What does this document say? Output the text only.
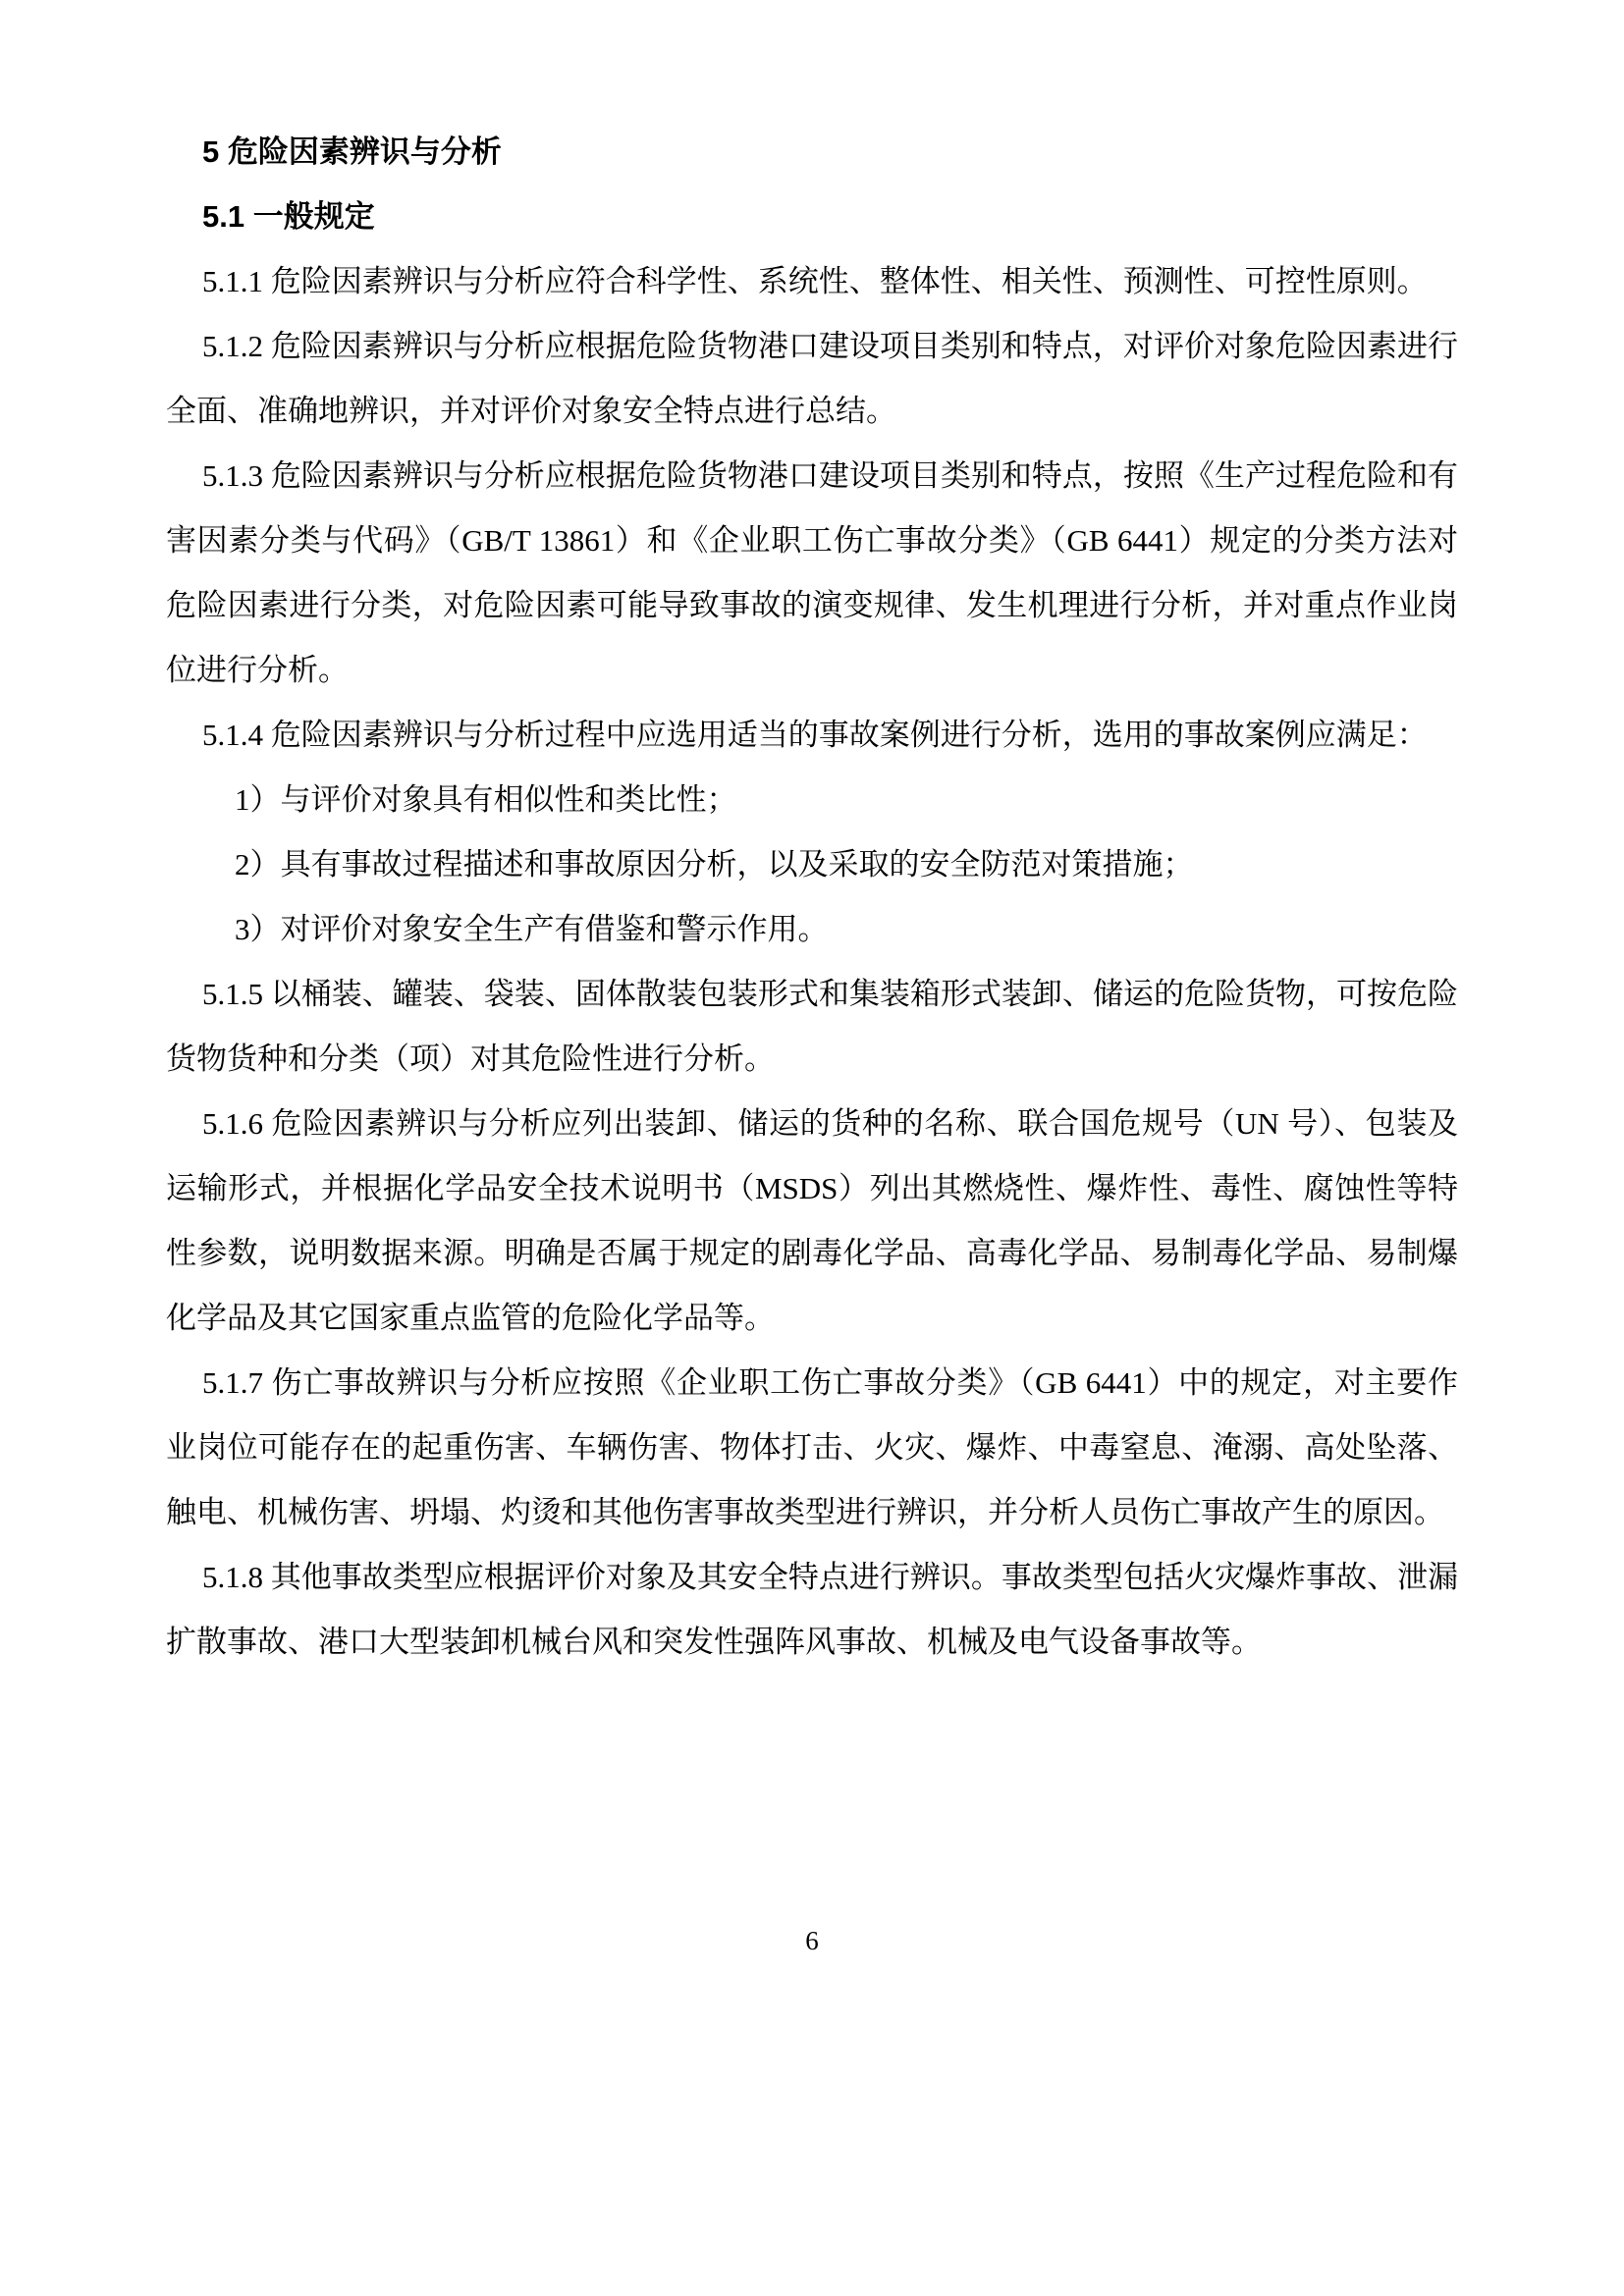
5 危险因素辨识与分析
5.1 一般规定

5.1.1 危险因素辨识与分析应符合科学性、系统性、整体性、相关性、预测性、可控性原则。

5.1.2 危险因素辨识与分析应根据危险货物港口建设项目类别和特点，对评价对象危险因素进行全面、准确地辨识，并对评价对象安全特点进行总结。

5.1.3 危险因素辨识与分析应根据危险货物港口建设项目类别和特点，按照《生产过程危险和有害因素分类与代码》（GB/T 13861）和《企业职工伤亡事故分类》（GB 6441）规定的分类方法对危险因素进行分类，对危险因素可能导致事故的演变规律、发生机理进行分析，并对重点作业岗位进行分析。

5.1.4 危险因素辨识与分析过程中应选用适当的事故案例进行分析，选用的事故案例应满足：

1）与评价对象具有相似性和类比性；

2）具有事故过程描述和事故原因分析，以及采取的安全防范对策措施；

3）对评价对象安全生产有借鉴和警示作用。

5.1.5 以桶装、罐装、袋装、固体散装包装形式和集装箱形式装卸、储运的危险货物，可按危险货物货种和分类（项）对其危险性进行分析。

5.1.6 危险因素辨识与分析应列出装卸、储运的货种的名称、联合国危规号（UN 号）、包装及运输形式，并根据化学品安全技术说明书（MSDS）列出其燃烧性、爆炸性、毒性、腐蚀性等特性参数，说明数据来源。明确是否属于规定的剧毒化学品、高毒化学品、易制毒化学品、易制爆化学品及其它国家重点监管的危险化学品等。

5.1.7 伤亡事故辨识与分析应按照《企业职工伤亡事故分类》（GB 6441）中的规定，对主要作业岗位可能存在的起重伤害、车辆伤害、物体打击、火灾、爆炸、中毒窒息、淹溺、高处坠落、触电、机械伤害、坍塌、灼烫和其他伤害事故类型进行辨识，并分析人员伤亡事故产生的原因。

5.1.8 其他事故类型应根据评价对象及其安全特点进行辨识。事故类型包括火灾爆炸事故、泄漏扩散事故、港口大型装卸机械台风和突发性强阵风事故、机械及电气设备事故等。

6
